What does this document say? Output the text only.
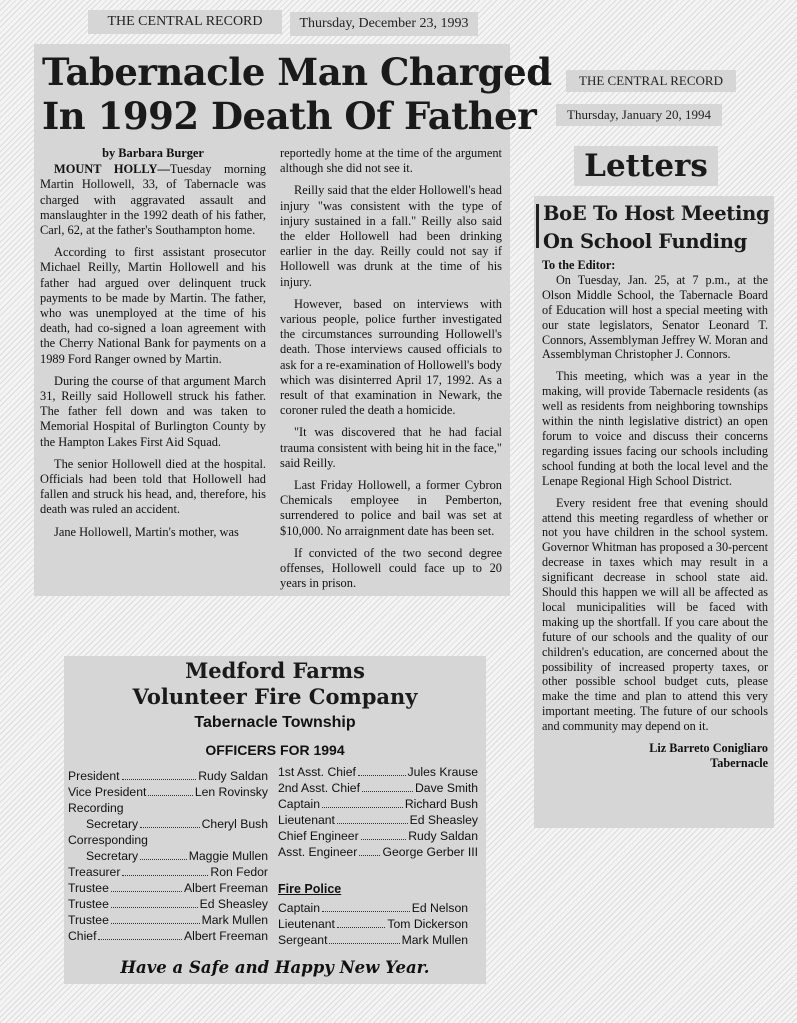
THE CENTRAL RECORD	Thursday, December 23, 1993
Tabernacle Man Charged
In 1992 Death Of Father
by Barbara Burger

MOUNT HOLLY—Tuesday morning Martin Hollowell, 33, of Tabernacle was charged with aggravated assault and manslaughter in the 1992 death of his father, Carl, 62, at the father's Southampton home.

According to first assistant prosecutor Michael Reilly, Martin Hollowell and his father had argued over delinquent truck payments to be made by Martin. The father, who was unemployed at the time of his death, had co-signed a loan agreement with the Cherry National Bank for payments on a 1989 Ford Ranger owned by Martin.

During the course of that argument March 31, Reilly said Hollowell struck his father. The father fell down and was taken to Memorial Hospital of Burlington County by the Hampton Lakes First Aid Squad.

The senior Hollowell died at the hospital. Officials had been told that Hollowell had fallen and struck his head, and, therefore, his death was ruled an accident.

Jane Hollowell, Martin's mother, was

reportedly home at the time of the argument although she did not see it.

Reilly said that the elder Hollowell's head injury "was consistent with the type of injury sustained in a fall." Reilly also said the elder Hollowell had been drinking earlier in the day. Reilly could not say if Hollowell was drunk at the time of his injury.

However, based on interviews with various people, police further investigated the circumstances surrounding Hollowell's death. Those interviews caused officials to ask for a re-examination of Hollowell's body which was disinterred April 17, 1992. As a result of that examination in Newark, the coroner ruled the death a homicide.

"It was discovered that he had facial trauma consistent with being hit in the face," said Reilly.

Last Friday Hollowell, a former Cybron Chemicals employee in Pemberton, surrendered to police and bail was set at $10,000. No arraignment date has been set.

If convicted of the two second degree offenses, Hollowell could face up to 20 years in prison.

THE CENTRAL RECORD
Thursday, January 20, 1994
Letters
BoE To Host Meeting
On School Funding
To the Editor:

On Tuesday, Jan. 25, at 7 p.m., at the Olson Middle School, the Tabernacle Board of Education will host a special meeting with our state legislators, Senator Leonard T. Connors, Assemblyman Jeffrey W. Moran and Assemblyman Christopher J. Connors.

This meeting, which was a year in the making, will provide Tabernacle residents (as well as residents from neighboring townships within the ninth legislative district) an open forum to voice and discuss their concerns regarding issues facing our schools including school funding at both the local level and the Lenape Regional High School District.

Every resident free that evening should attend this meeting regardless of whether or not you have children in the school system. Governor Whitman has proposed a 30-percent decrease in taxes which may result in a significant decrease in school state aid. Should this happen we will all be affected as local municipalities will be faced with making up the shortfall. If you care about the future of our schools and the quality of our children's education, are concerned about the possibility of increased property taxes, or other possible school budget cuts, please make the time and plan to attend this very important meeting. The future of our schools and community may depend on it.

Liz Barreto Conigliaro
Tabernacle
Medford Farms
Volunteer Fire Company
Tabernacle Township
OFFICERS FOR 1994
President	Rudy Saldan
Vice President	Len Rovinsky
Recording
Secretary	Cheryl Bush
Corresponding
Secretary	Maggie Mullen
Treasurer	Ron Fedor
Trustee	Albert Freeman
Trustee	Ed Sheasley
Trustee	Mark Mullen
Chief	Albert Freeman
1st Asst. Chief	Jules Krause
2nd Asst. Chief	Dave Smith
Captain	Richard Bush
Lieutenant	Ed Sheasley
Chief Engineer	Rudy Saldan
Asst. Engineer George Gerber III
Fire Police
Captain	Ed Nelson
Lieutenant	Tom Dickerson
Sergeant	Mark Mullen
Have a Safe and Happy New Year.
